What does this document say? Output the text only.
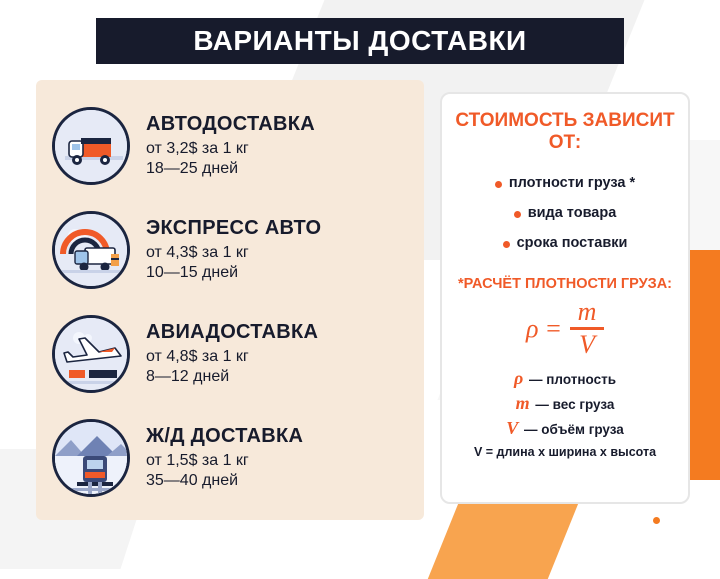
ВАРИАНТЫ ДОСТАВКИ
АВТОДОСТАВКА
от 3,2$ за 1 кг
18—25 дней
ЭКСПРЕСС АВТО
от 4,3$ за 1 кг
10—15 дней
АВИАДОСТАВКА
от 4,8$ за 1 кг
8—12 дней
Ж/Д ДОСТАВКА
от 1,5$ за 1 кг
35—40 дней
СТОИМОСТЬ ЗАВИСИТ ОТ:
плотности груза * вида товара срока поставки
*РАСЧЁТ ПЛОТНОСТИ ГРУЗА:
$\rho = \frac{m}{V}$
ρ — плотность
m — вес груза
V — объём груза
V = длина x ширина x высота
Avito
